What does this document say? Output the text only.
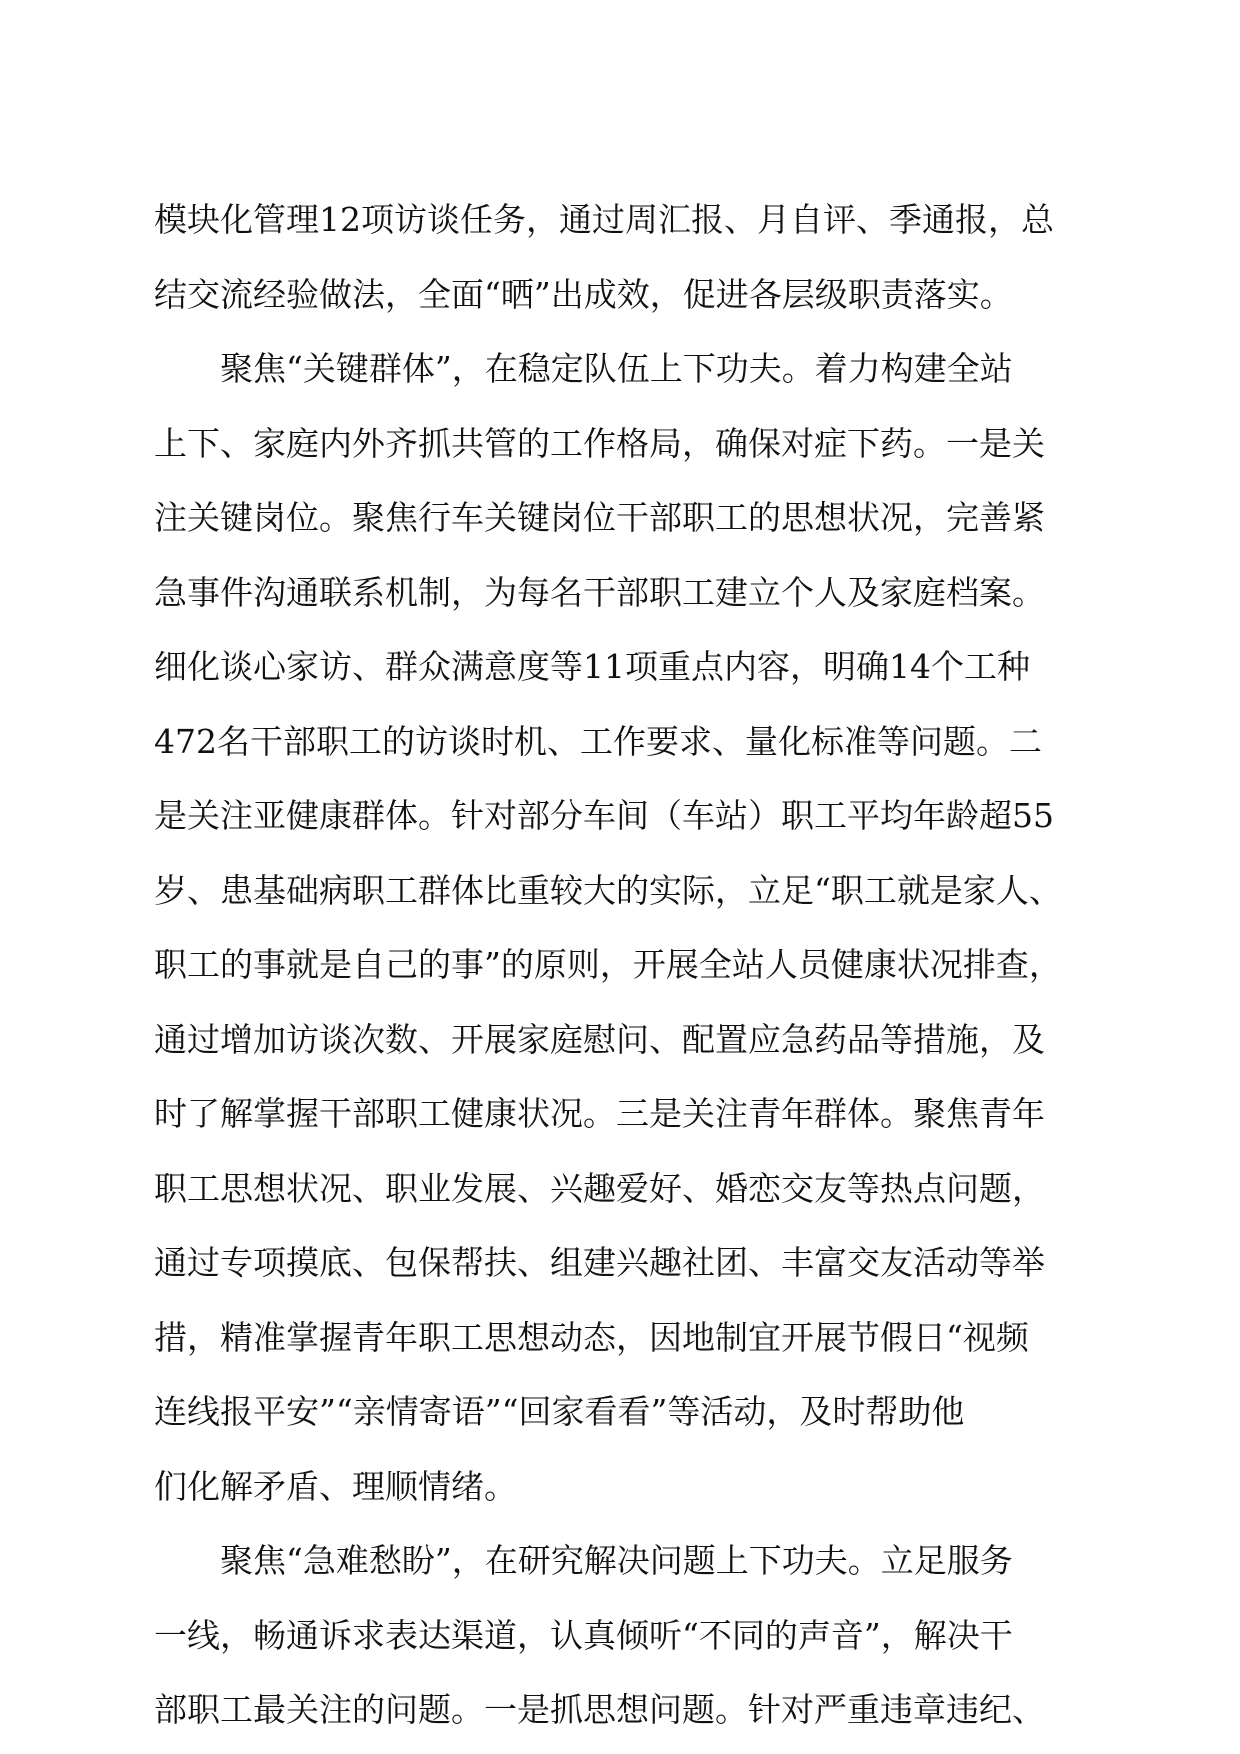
模块化管理12项访谈任务，通过周汇报、月自评、季通报，总
结交流经验做法，全面“晒”出成效，促进各层级职责落实。
聚焦“关键群体”，在稳定队伍上下功夫。着力构建全站
上下、家庭内外齐抓共管的工作格局，确保对症下药。一是关
注关键岗位。聚焦行车关键岗位干部职工的思想状况，完善紧
急事件沟通联系机制，为每名干部职工建立个人及家庭档案。
细化谈心家访、群众满意度等11项重点内容，明确14个工种
472名干部职工的访谈时机、工作要求、量化标准等问题。二
是关注亚健康群体。针对部分车间（车站）职工平均年龄超55
岁、患基础病职工群体比重较大的实际，立足“职工就是家人、
职工的事就是自己的事”的原则，开展全站人员健康状况排查，
通过增加访谈次数、开展家庭慰问、配置应急药品等措施，及
时了解掌握干部职工健康状况。三是关注青年群体。聚焦青年
职工思想状况、职业发展、兴趣爱好、婚恋交友等热点问题，
通过专项摸底、包保帮扶、组建兴趣社团、丰富交友活动等举
措，精准掌握青年职工思想动态，因地制宜开展节假日“视频
连线报平安”“亲情寄语”“回家看看”等活动，及时帮助他
们化解矛盾、理顺情绪。
聚焦“急难愁盼”，在研究解决问题上下功夫。立足服务
一线，畅通诉求表达渠道，认真倾听“不同的声音”，解决干
部职工最关注的问题。一是抓思想问题。针对严重违章违纪、
